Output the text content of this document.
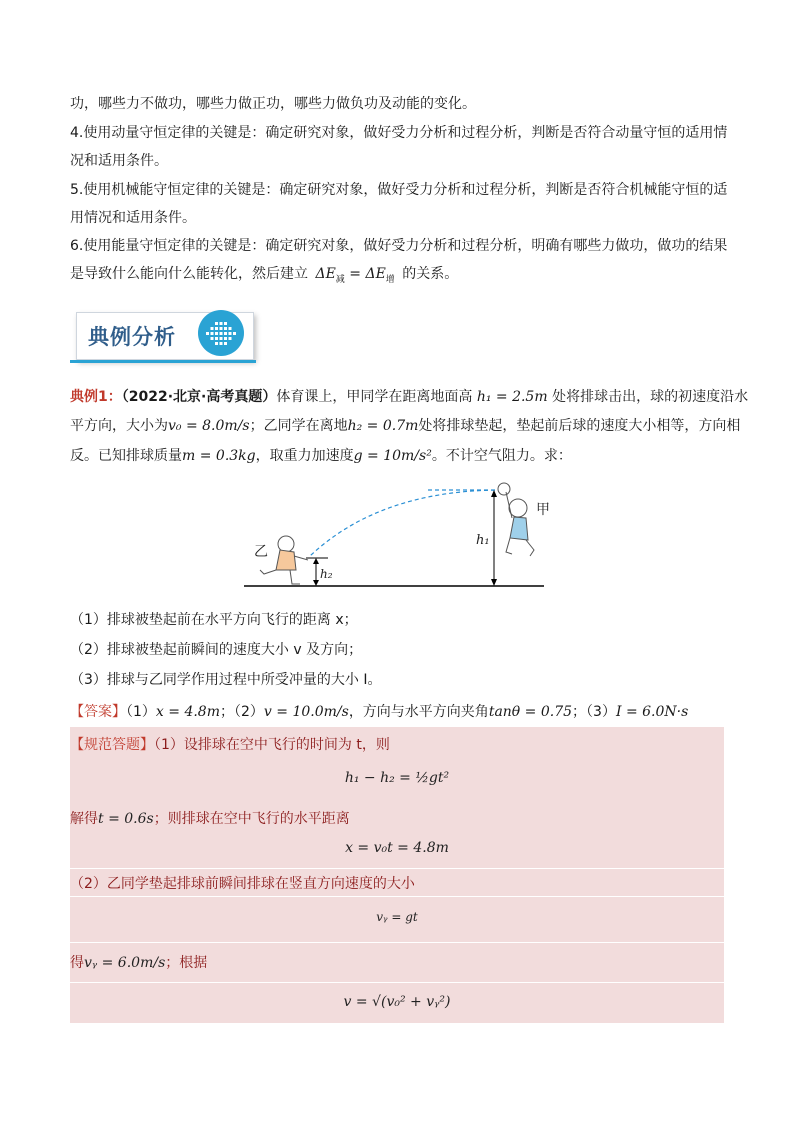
功，哪些力不做功，哪些力做正功，哪些力做负功及动能的变化。

4.使用动量守恒定律的关键是：确定研究对象，做好受力分析和过程分析，判断是否符合动量守恒的适用情

况和适用条件。

5.使用机械能守恒定律的关键是：确定研究对象，做好受力分析和过程分析，判断是否符合机械能守恒的适

用情况和适用条件。

6.使用能量守恒定律的关键是：确定研究对象，做好受力分析和过程分析，明确有哪些力做功，做功的结果

是导致什么能向什么能转化，然后建立 $\Delta E_减 = \Delta E_增$ 的关系。

典例分析

典例1：（2022·北京·高考真题）体育课上，甲同学在距离地面高 h₁ = 2.5m 处将排球击出，球的初速度沿水

平方向，大小为v₀ = 8.0m/s；乙同学在离地h₂ = 0.7m处将排球垫起，垫起前后球的速度大小相等，方向相

反。已知排球质量m = 0.3kg，取重力加速度g = 10m/s²。不计空气阻力。求：

甲
乙
h₁
h₂

（1）排球被垫起前在水平方向飞行的距离 x；

（2）排球被垫起前瞬间的速度大小 v 及方向；

（3）排球与乙同学作用过程中所受冲量的大小 I。

【答案】（1）x = 4.8m；（2）v = 10.0m/s，方向与水平方向夹角tanθ = 0.75；（3）I = 6.0N·s

【规范答题】（1）设排球在空中飞行的时间为 t，则
h₁ − h₂ = ½gt²
解得t = 0.6s；则排球在空中飞行的水平距离
x = v₀t = 4.8m
（2）乙同学垫起排球前瞬间排球在竖直方向速度的大小
vᵧ = gt
得vᵧ = 6.0m/s；根据
v = √(v₀² + vᵧ²)
